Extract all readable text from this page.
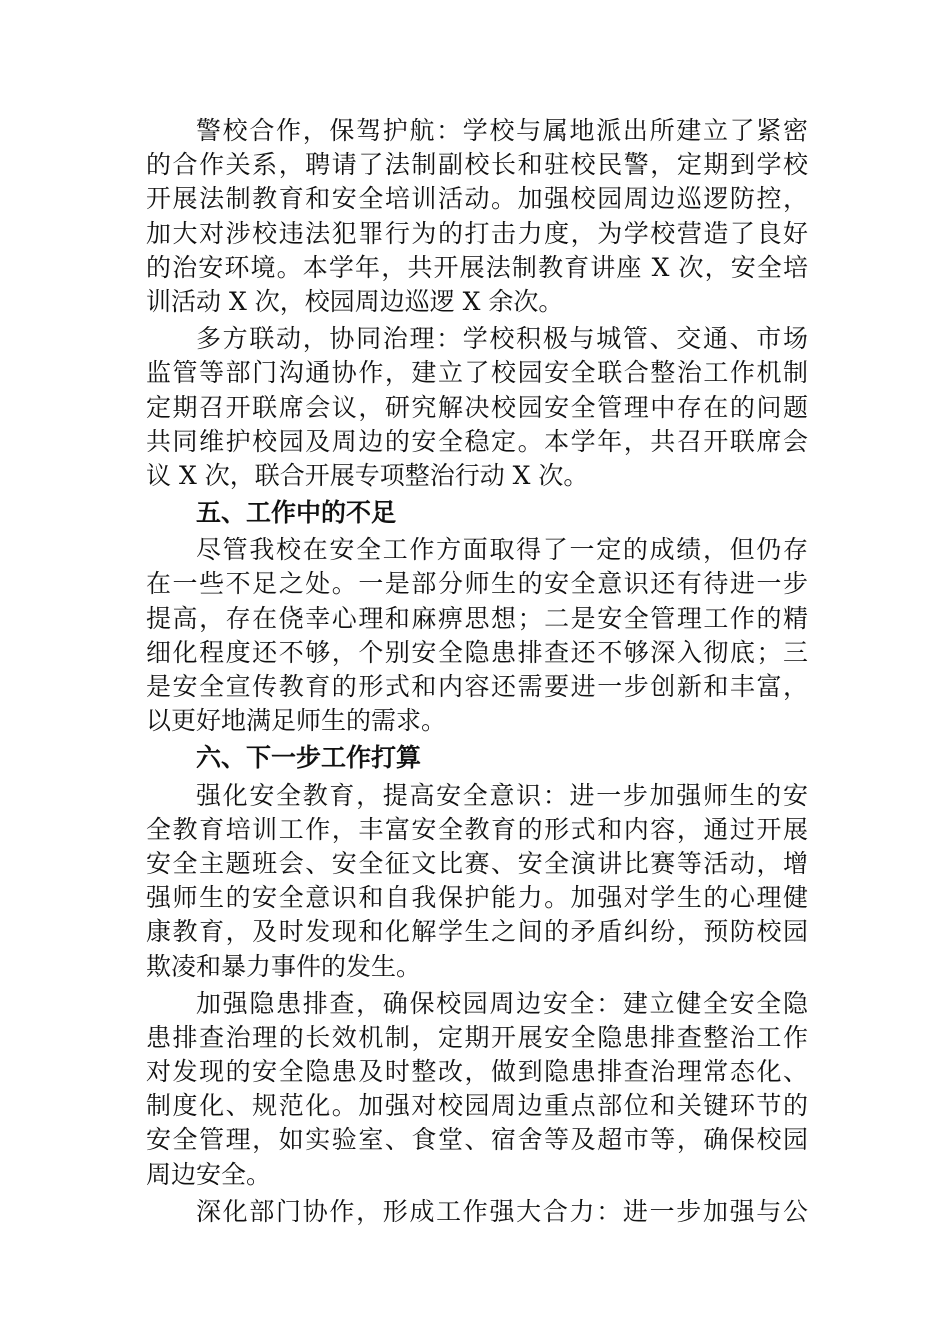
警校合作，保驾护航：学校与属地派出所建立了紧密
的合作关系，聘请了法制副校长和驻校民警，定期到学校
开展法制教育和安全培训活动。加强校园周边巡逻防控，
加大对涉校违法犯罪行为的打击力度，为学校营造了良好
的治安环境。本学年，共开展法制教育讲座 X 次，安全培
训活动 X 次，校园周边巡逻 X 余次。
多方联动，协同治理：学校积极与城管、交通、市场
监管等部门沟通协作，建立了校园安全联合整治工作机制
定期召开联席会议，研究解决校园安全管理中存在的问题
共同维护校园及周边的安全稳定。本学年，共召开联席会
议 X 次，联合开展专项整治行动 X 次。
五、工作中的不足
尽管我校在安全工作方面取得了一定的成绩，但仍存
在一些不足之处。一是部分师生的安全意识还有待进一步
提高，存在侥幸心理和麻痹思想；二是安全管理工作的精
细化程度还不够，个别安全隐患排查还不够深入彻底；三
是安全宣传教育的形式和内容还需要进一步创新和丰富，
以更好地满足师生的需求。
六、下一步工作打算
强化安全教育，提高安全意识：进一步加强师生的安
全教育培训工作，丰富安全教育的形式和内容，通过开展
安全主题班会、安全征文比赛、安全演讲比赛等活动，增
强师生的安全意识和自我保护能力。加强对学生的心理健
康教育，及时发现和化解学生之间的矛盾纠纷，预防校园
欺凌和暴力事件的发生。
加强隐患排查，确保校园周边安全：建立健全安全隐
患排查治理的长效机制，定期开展安全隐患排查整治工作
对发现的安全隐患及时整改，做到隐患排查治理常态化、
制度化、规范化。加强对校园周边重点部位和关键环节的
安全管理，如实验室、食堂、宿舍等及超市等，确保校园
周边安全。
深化部门协作，形成工作强大合力：进一步加强与公
